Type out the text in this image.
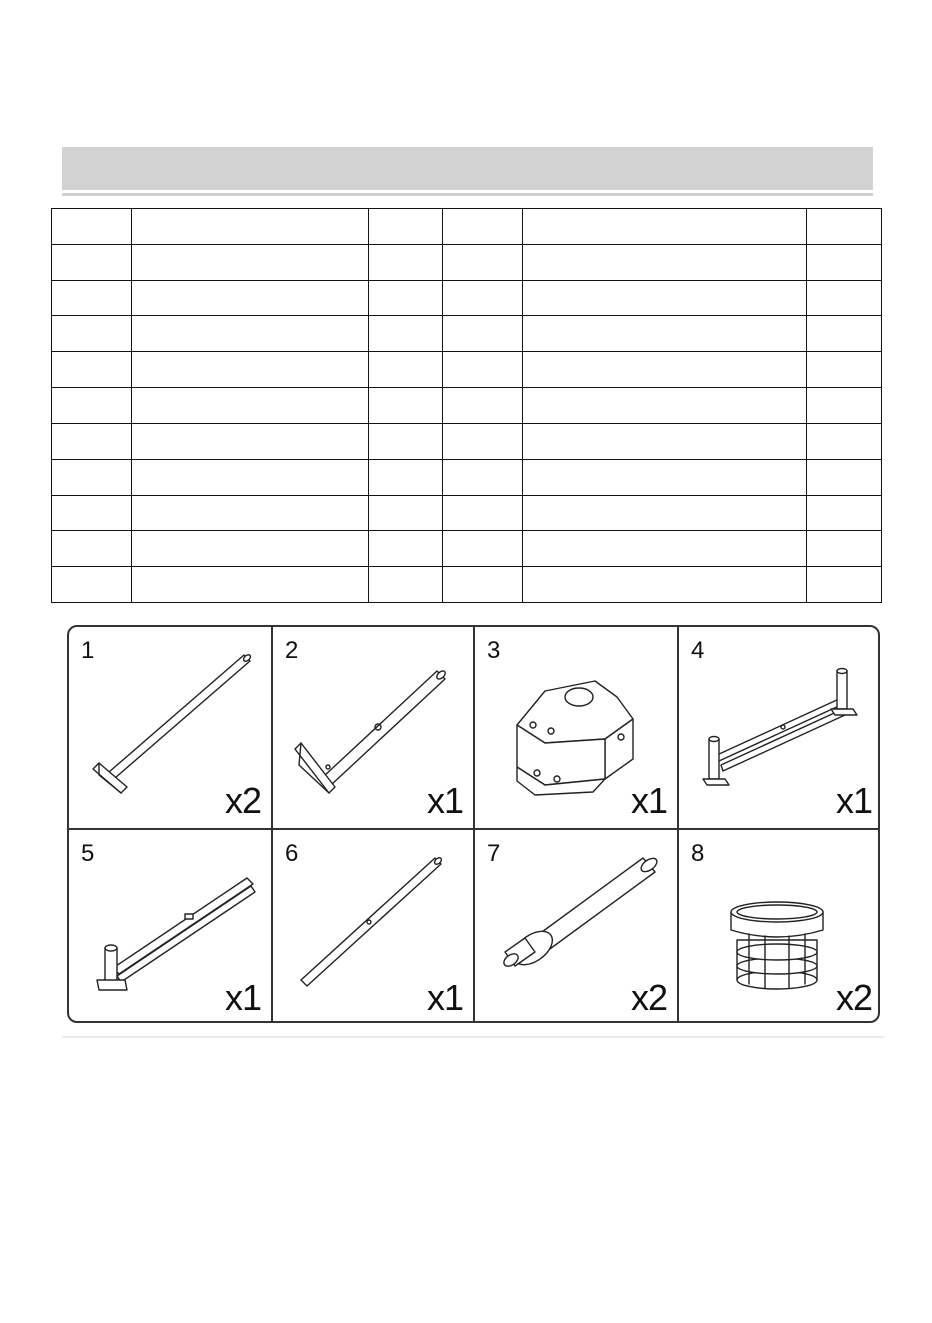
1
x2
2
x1
3
x1
4
x1
5
x1
6
x1
7
x2
8
x2
